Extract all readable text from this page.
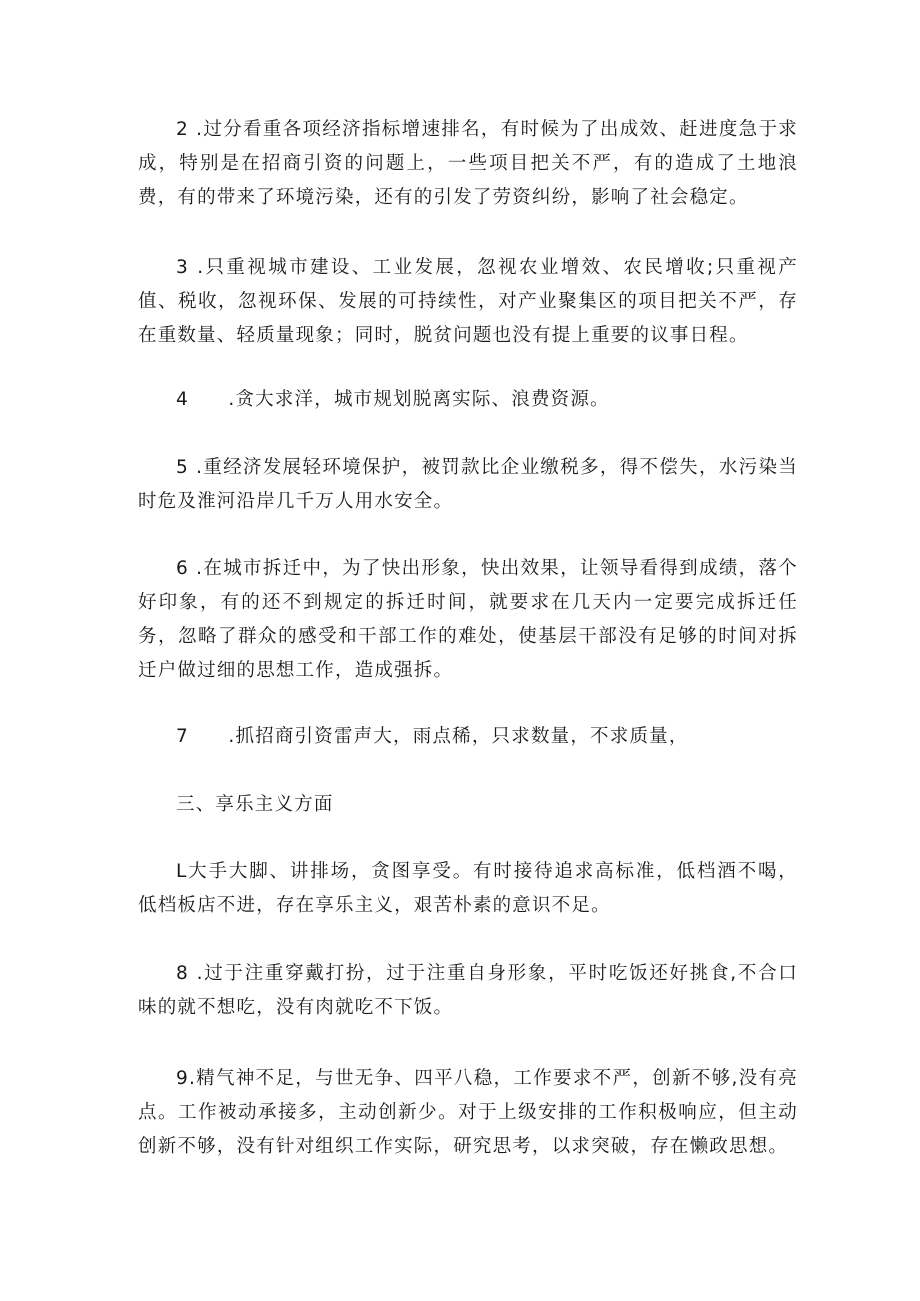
2 .过分看重各项经济指标增速排名，有时候为了出成效、赶进度急于求成，特别是在招商引资的问题上，一些项目把关不严，有的造成了土地浪费，有的带来了环境污染，还有的引发了劳资纠纷，影响了社会稳定。

3 .只重视城市建设、工业发展，忽视农业增效、农民增收;只重视产值、税收，忽视环保、发展的可持续性，对产业聚集区的项目把关不严，存在重数量、轻质量现象；同时，脱贫问题也没有提上重要的议事日程。

4　　.贪大求洋，城市规划脱离实际、浪费资源。

5 .重经济发展轻环境保护，被罚款比企业缴税多，得不偿失，水污染当时危及淮河沿岸几千万人用水安全。

6 .在城市拆迁中，为了快出形象，快出效果，让领导看得到成绩，落个好印象，有的还不到规定的拆迁时间，就要求在几天内一定要完成拆迁任务，忽略了群众的感受和干部工作的难处，使基层干部没有足够的时间对拆迁户做过细的思想工作，造成强拆。

7　　.抓招商引资雷声大，雨点稀，只求数量，不求质量，

三、享乐主义方面

L大手大脚、讲排场，贪图享受。有时接待追求高标准，低档酒不喝，低档板店不进，存在享乐主义，艰苦朴素的意识不足。

8 .过于注重穿戴打扮，过于注重自身形象，平时吃饭还好挑食,不合口味的就不想吃，没有肉就吃不下饭。

9.精气神不足，与世无争、四平八稳，工作要求不严，创新不够,没有亮点。工作被动承接多，主动创新少。对于上级安排的工作积极响应，但主动创新不够，没有针对组织工作实际，研究思考，以求突破，存在懒政思想。
